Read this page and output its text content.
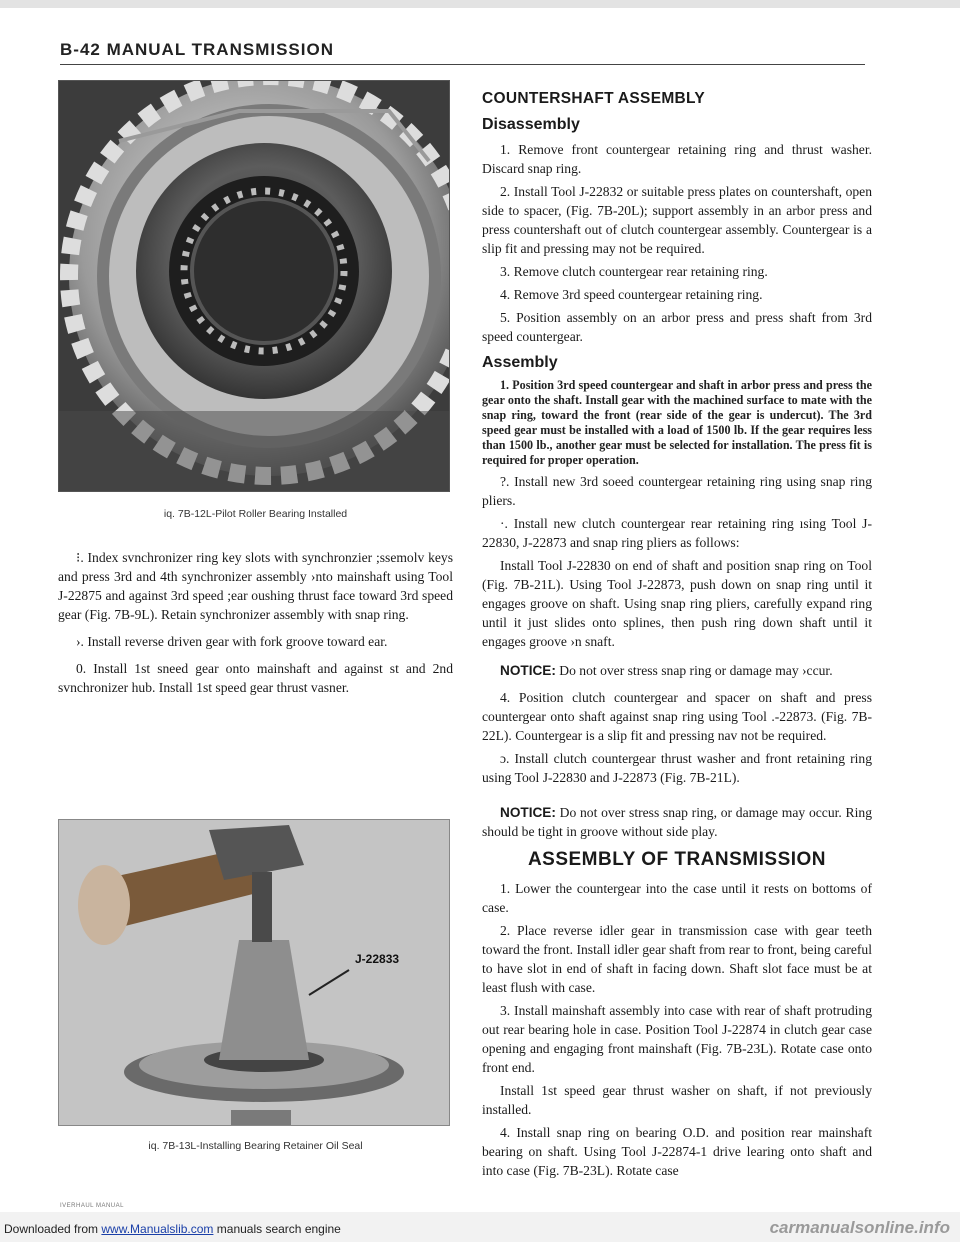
B-42 MANUAL TRANSMISSION
iq. 7B-12L-Pilot Roller Bearing Installed

⁝. Index svnchronizer ring key slots with synchronzier ;ssemolv keys and press 3rd and 4th synchronizer assembly ›nto mainshaft using Tool J-22875 and against 3rd speed ;ear oushing thrust face toward 3rd speed gear (Fig. 7B-9L). Retain synchronizer assembly with snap ring.

›. Install reverse driven gear with fork groove toward ear.

0. Install 1st sneed gear onto mainshaft and against st and 2nd svnchronizer hub. Install 1st speed gear thrust vasner.

J-22833
iq. 7B-13L-Installing Bearing Retainer Oil Seal
COUNTERSHAFT ASSEMBLY
Disassembly

1. Remove front countergear retaining ring and thrust washer. Discard snap ring.

2. Install Tool J-22832 or suitable press plates on countershaft, open side to spacer, (Fig. 7B-20L); support assembly in an arbor press and press countershaft out of clutch countergear assembly. Countergear is a slip fit and pressing may not be required.

3. Remove clutch countergear rear retaining ring.

4. Remove 3rd speed countergear retaining ring.

5. Position assembly on an arbor press and press shaft from 3rd speed countergear.

Assembly

1. Position 3rd speed countergear and shaft in arbor press and press the gear onto the shaft. Install gear with the machined surface to mate with the snap ring, toward the front (rear side of the gear is undercut). The 3rd speed gear must be installed with a load of 1500 lb. If the gear requires less than 1500 lb., another gear must be selected for installation. The press fit is required for proper operation.

?. Install new 3rd soeed countergear retaining ring using snap ring pliers.

·. Install new clutch countergear rear retaining ring ısing Tool J-22830, J-22873 and snap ring pliers as follows:

Install Tool J-22830 on end of shaft and position snap ring on Tool (Fig. 7B-21L). Using Tool J-22873, push down on snap ring until it engages groove on shaft. Using snap ring pliers, carefully expand ring until it just slides onto splines, then push ring down shaft until it engages groove ›n snaft.

NOTICE: Do not over stress snap ring or damage may ›ccur.

4. Position clutch countergear and spacer on shaft and press countergear onto shaft against snap ring using Tool .-22873. (Fig. 7B-22L). Countergear is a slip fit and pressing nav not be required.

ɔ. Install clutch countergear thrust washer and front retaining ring using Tool J-22830 and J-22873 (Fig. 7B-21L).

NOTICE: Do not over stress snap ring, or damage may occur. Ring should be tight in groove without side play.
ASSEMBLY OF TRANSMISSION

1. Lower the countergear into the case until it rests on bottoms of case.

2. Place reverse idler gear in transmission case with gear teeth toward the front. Install idler gear shaft from rear to front, being careful to have slot in end of shaft in facing down. Shaft slot face must be at least flush with case.

3. Install mainshaft assembly into case with rear of shaft protruding out rear bearing hole in case. Position Tool J-22874 in clutch gear case opening and engaging front mainshaft (Fig. 7B-23L). Rotate case onto front end.

Install 1st speed gear thrust washer on shaft, if not previously installed.

4. Install snap ring on bearing O.D. and position rear mainshaft bearing on shaft. Using Tool J-22874-1 drive learing onto shaft and into case (Fig. 7B-23L). Rotate case

IVERHAUL MANUAL
Downloaded from www.Manualslib.com manuals search engine	carmanualsonline.info
